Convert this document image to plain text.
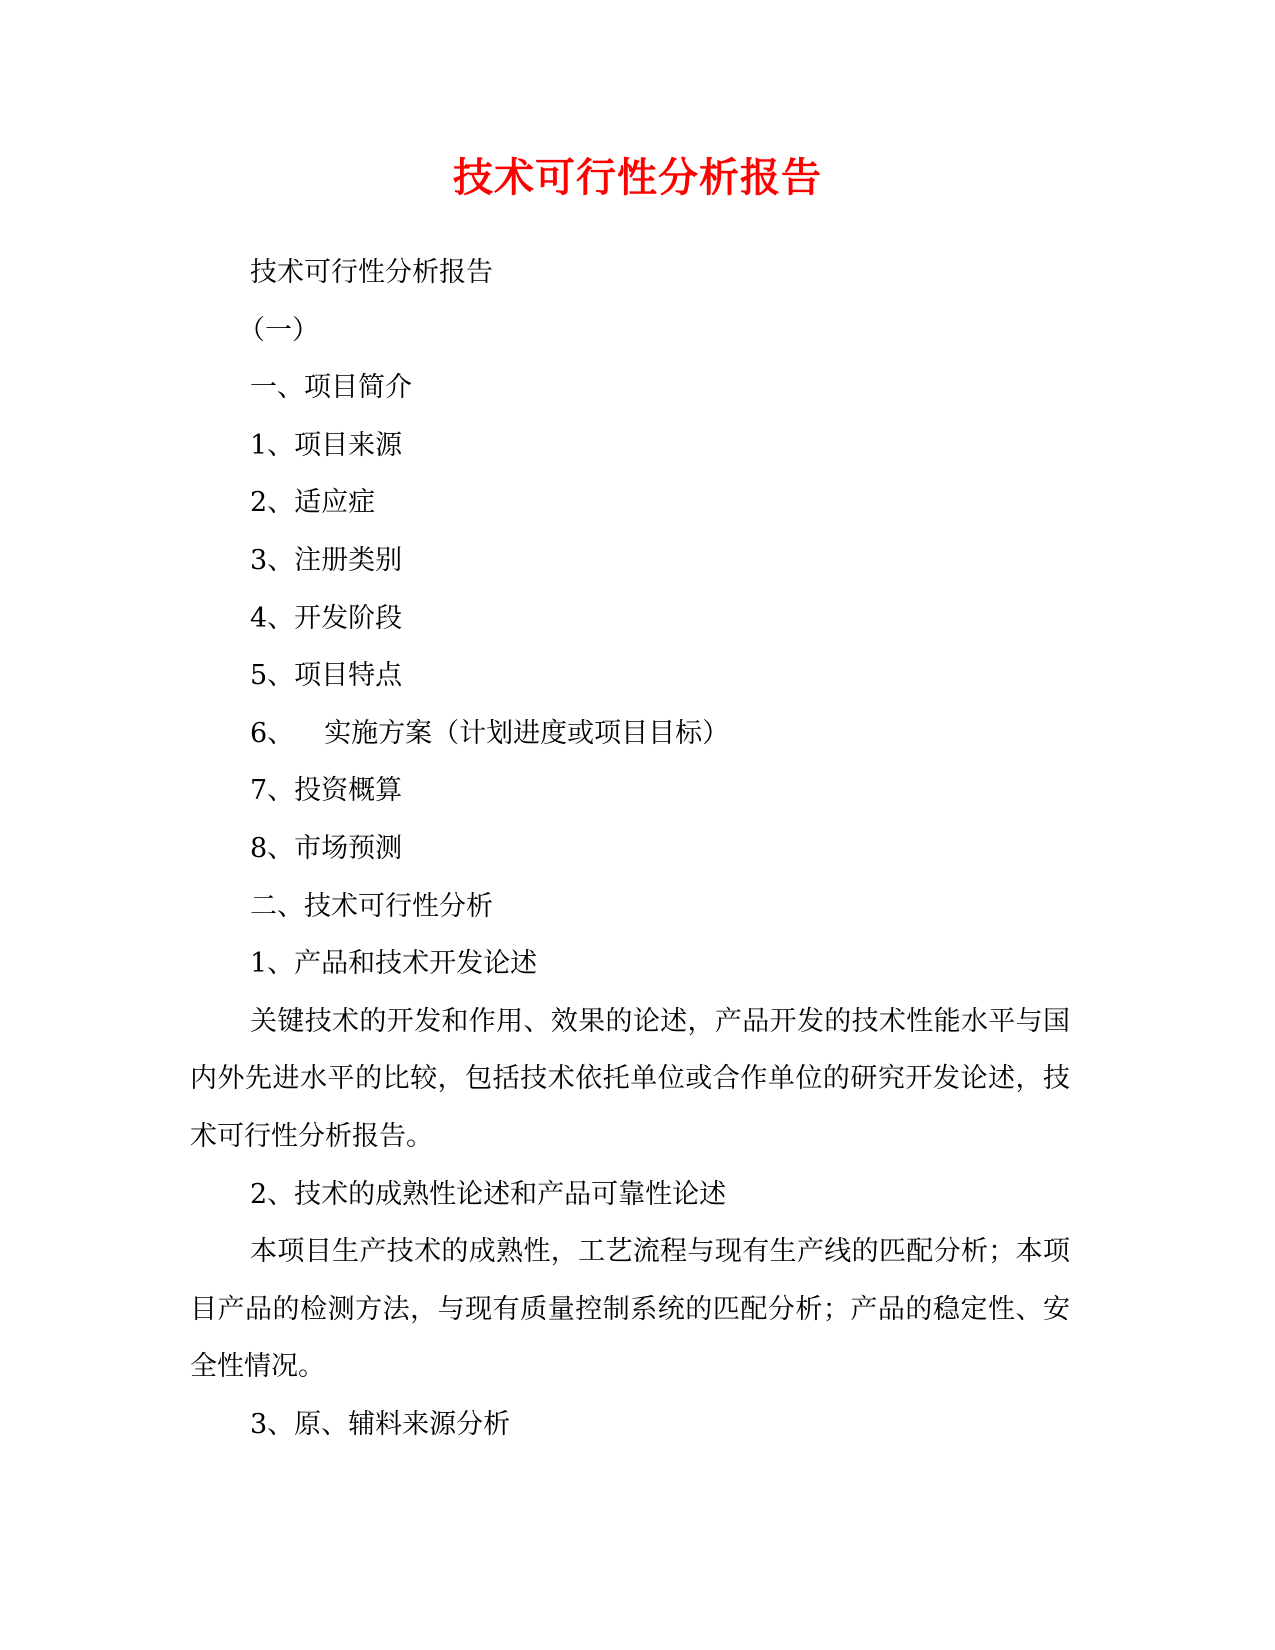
技术可行性分析报告
技术可行性分析报告
（一）
一、项目简介
1、项目来源
2、适应症
3、注册类别
4、开发阶段
5、项目特点
6、 实施方案（计划进度或项目目标）
7、投资概算
8、市场预测
二、技术可行性分析
1、产品和技术开发论述
关键技术的开发和作用、效果的论述，产品开发的技术性能水平与国内外先进水平的比较，包括技术依托单位或合作单位的研究开发论述，技术可行性分析报告。
2、技术的成熟性论述和产品可靠性论述
本项目生产技术的成熟性，工艺流程与现有生产线的匹配分析；本项目产品的检测方法，与现有质量控制系统的匹配分析；产品的稳定性、安全性情况。
3、原、辅料来源分析
